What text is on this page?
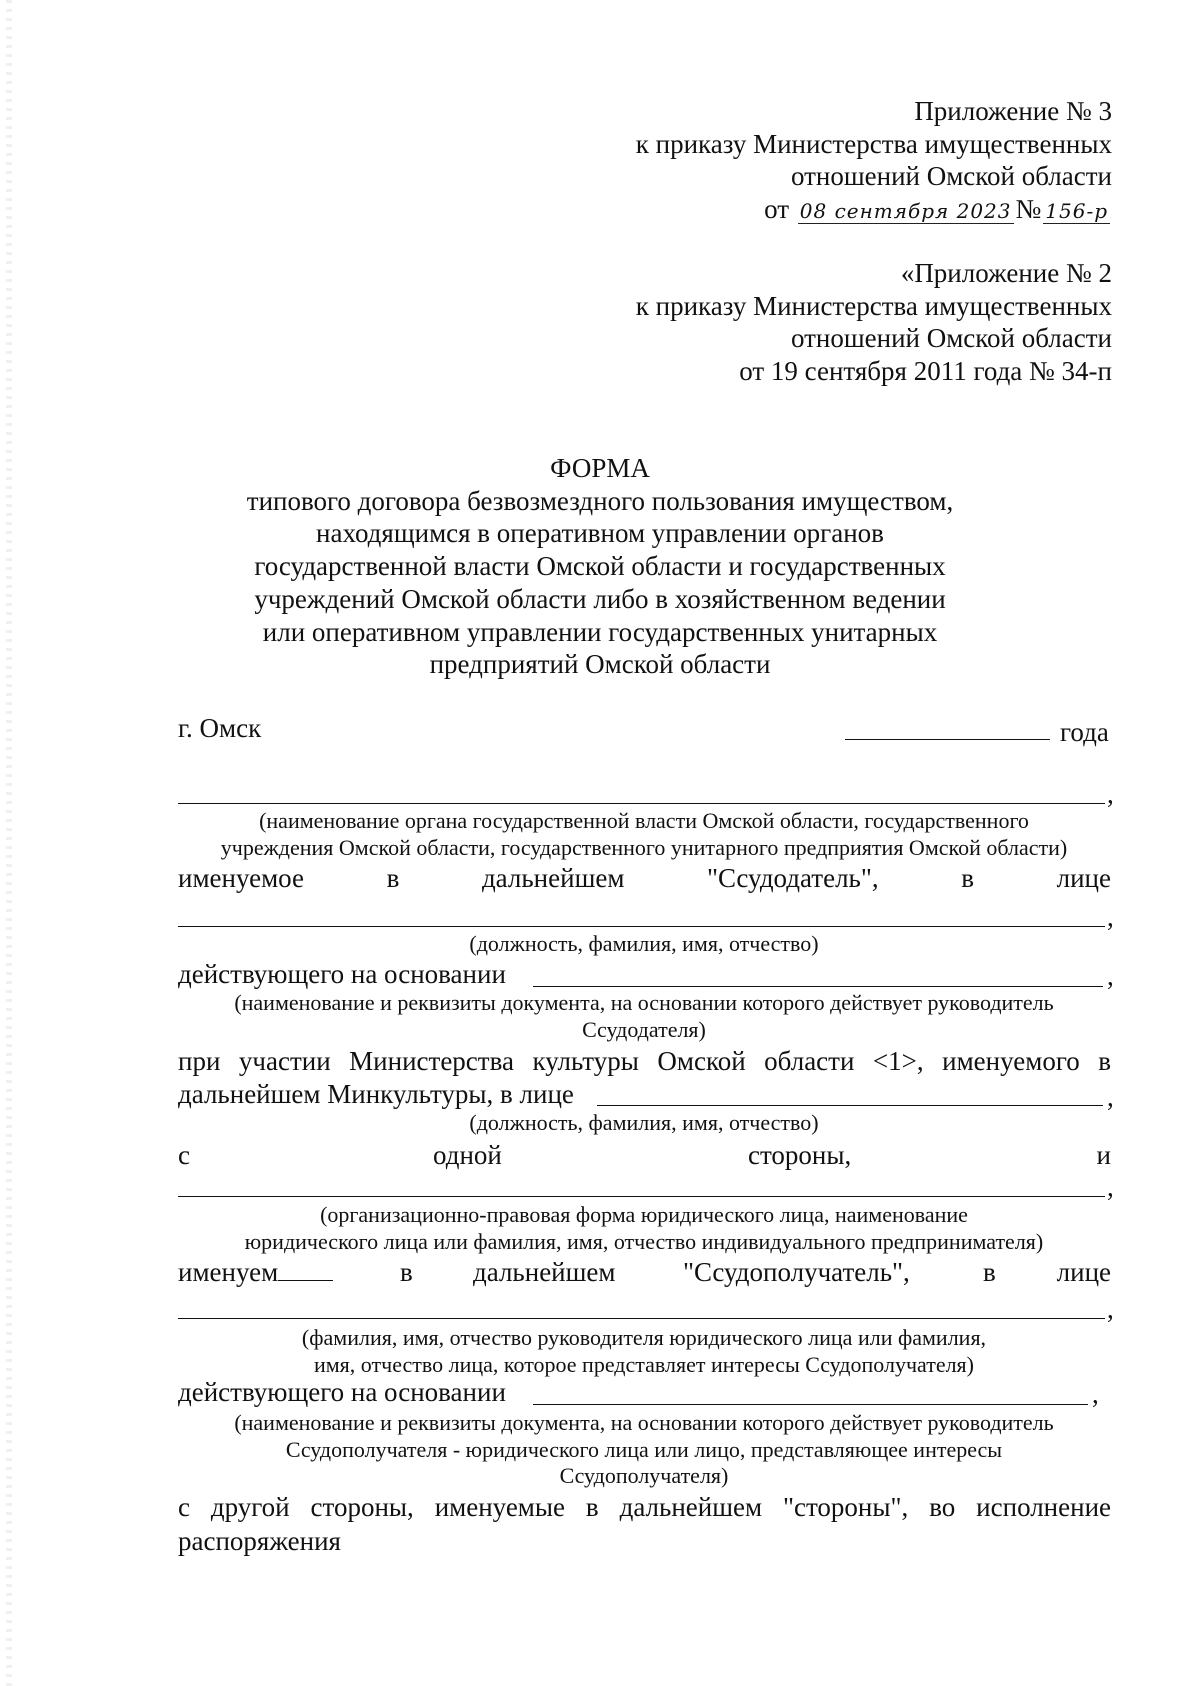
Приложение № 3
к приказу Министерства имущественных
отношений Омской области
от 08 сентября 2023 № 156-р
«Приложение № 2
к приказу Министерства имущественных
отношений Омской области
от 19 сентября 2011 года № 34-п
ФОРМА
типового договора безвозмездного пользования имуществом,
находящимся в оперативном управлении органов
государственной власти Омской области и государственных
учреждений Омской области либо в хозяйственном ведении
или оперативном управлении государственных унитарных
предприятий Омской области
г. Омск	года
,
(наименование органа государственной власти Омской области, государственного
учреждения Омской области, государственного унитарного предприятия Омской области)
именуемое	в	дальнейшем	"Ссудодатель",	в	лице
,
(должность, фамилия, имя, отчество)
действующего на основании	,
(наименование и реквизиты документа, на основании которого действует руководитель
Ссудодателя)
при участии Министерства культуры Омской области <1>, именуемого в
дальнейшем Минкультуры, в лице	,
(должность, фамилия, имя, отчество)
с	одной	стороны,	и
,
(организационно-правовая форма юридического лица, наименование
юридического лица или фамилия, имя, отчество индивидуального предпринимателя)
именуем	в дальнейшем	"Ссудополучатель",	в лице
,
(фамилия, имя, отчество руководителя юридического лица или фамилия,
имя, отчество лица, которое представляет интересы Ссудополучателя)
действующего на основании	,
(наименование и реквизиты документа, на основании которого действует руководитель
Ссудополучателя - юридического лица или лицо, представляющее интересы
Ссудополучателя)
с другой стороны, именуемые в дальнейшем "стороны", во исполнение
распоряжения
